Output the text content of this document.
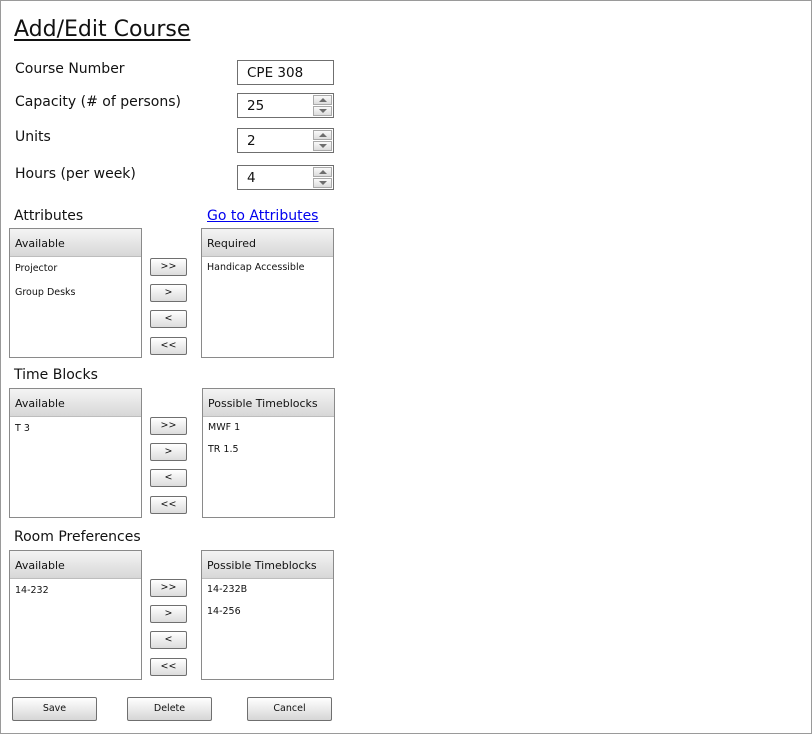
Add/Edit Course
Course Number
CPE 308
Capacity (# of persons)
25
Units
2
Hours (per week)
4
Attributes	Go to Attributes
Available
Projector
Group Desks
>>
>
<
<<
Required
Handicap Accessible
Time Blocks
Available
T 3	>>
>
<
<<
Possible Timeblocks
MWF 1
TR 1.5
Room Preferences
Available
14-232	>>
>
<
<<
Possible Timeblocks
14-232B
14-256
Save	Delete	Cancel
